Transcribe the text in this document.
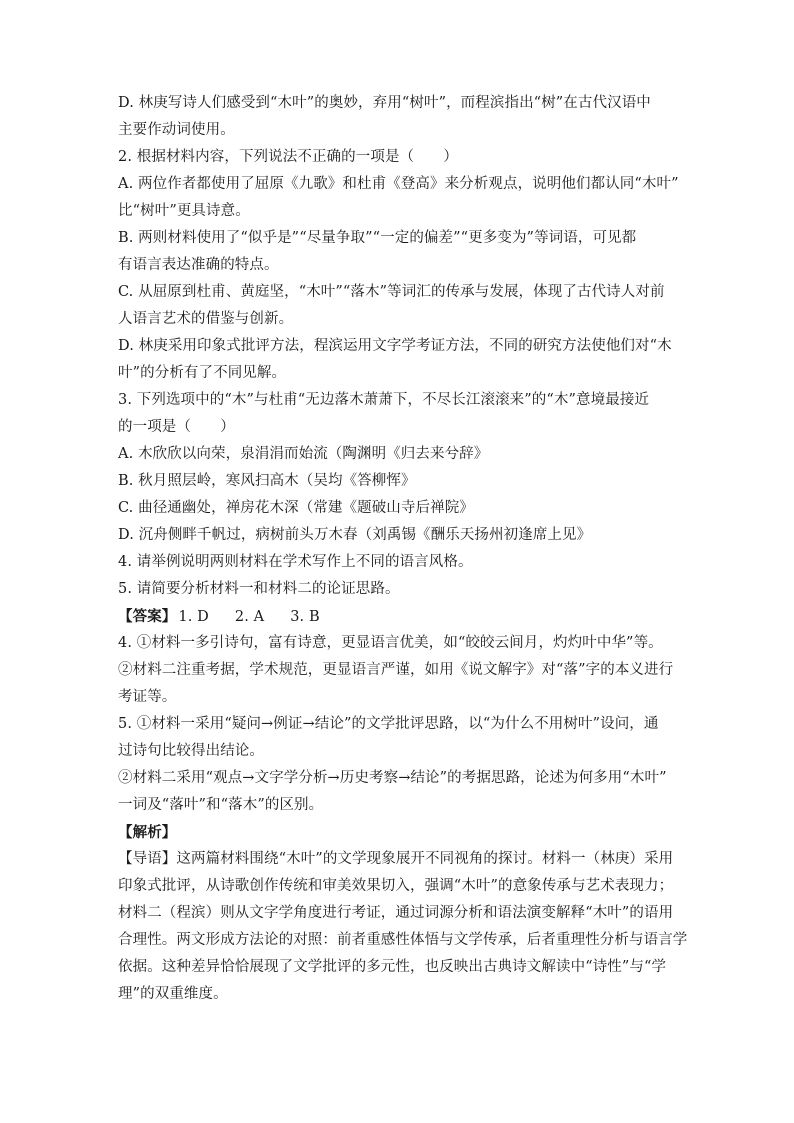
D. 林庚写诗人们感受到“木叶”的奥妙，弃用“树叶”，而程滨指出“树”在古代汉语中
主要作动词使用。
2. 根据材料内容，下列说法不正确的一项是（　　）
A. 两位作者都使用了屈原《九歌》和杜甫《登高》来分析观点，说明他们都认同“木叶”
比“树叶”更具诗意。
B. 两则材料使用了“似乎是”“尽量争取”“一定的偏差”“更多变为”等词语，可见都
有语言表达准确的特点。
C. 从屈原到杜甫、黄庭坚，“木叶”“落木”等词汇的传承与发展，体现了古代诗人对前
人语言艺术的借鉴与创新。
D. 林庚采用印象式批评方法，程滨运用文字学考证方法，不同的研究方法使他们对“木
叶”的分析有了不同见解。
3. 下列选项中的“木”与杜甫“无边落木萧萧下，不尽长江滚滚来”的“木”意境最接近
的一项是（　　）
A. 木欣欣以向荣，泉涓涓而始流（陶渊明《归去来兮辞》
B. 秋月照层岭，寒风扫高木（吴均《答柳恽》
C. 曲径通幽处，禅房花木深（常建《题破山寺后禅院》
D. 沉舟侧畔千帆过，病树前头万木春（刘禹锡《酬乐天扬州初逢席上见》
4. 请举例说明两则材料在学术写作上不同的语言风格。
5. 请简要分析材料一和材料二的论证思路。
【答案】 1. D 2. A 3. B
4. ①材料一多引诗句，富有诗意，更显语言优美，如“皎皎云间月，灼灼叶中华”等。
②材料二注重考据，学术规范，更显语言严谨，如用《说文解字》对“落”字的本义进行
考证等。
5. ①材料一采用“疑问→例证→结论”的文学批评思路，以“为什么不用树叶”设问，通
过诗句比较得出结论。
②材料二采用“观点→文字学分析→历史考察→结论”的考据思路，论述为何多用“木叶”
一词及“落叶”和“落木”的区别。
【解析】
【导语】这两篇材料围绕“木叶”的文学现象展开不同视角的探讨。材料一（林庚）采用
印象式批评，从诗歌创作传统和审美效果切入，强调“木叶”的意象传承与艺术表现力；
材料二（程滨）则从文字学角度进行考证，通过词源分析和语法演变解释“木叶”的语用
合理性。两文形成方法论的对照：前者重感性体悟与文学传承，后者重理性分析与语言学
依据。这种差异恰恰展现了文学批评的多元性，也反映出古典诗文解读中“诗性”与“学
理”的双重维度。
